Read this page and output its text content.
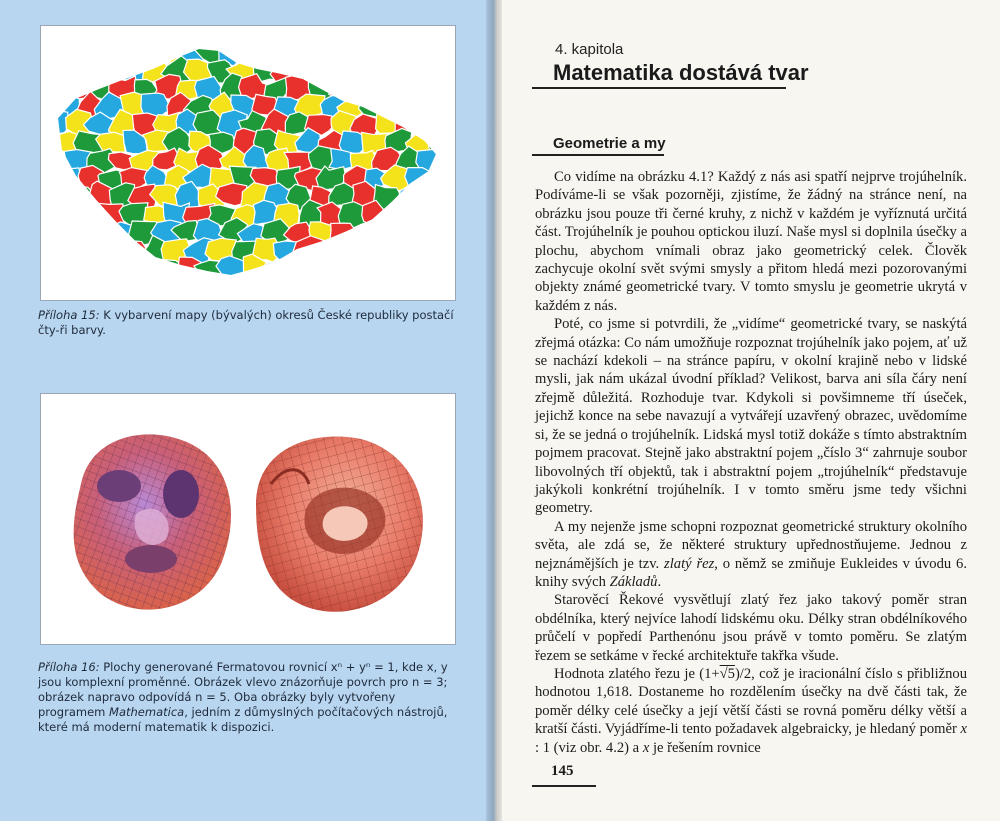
Příloha 15: K vybarvení mapy (bývalých) okresů České republiky postačí čty-ři barvy.
Příloha 16: Plochy generované Fermatovou rovnicí xⁿ + yⁿ = 1, kde x, y jsou komplexní proměnné. Obrázek vlevo znázorňuje povrch pro n = 3; obrázek napravo odpovídá n = 5. Oba obrázky byly vytvořeny programem Mathematica, jedním z důmyslných počítačových nástrojů, které má moderní matematik k dispozici.
4. kapitola
Matematika dostává tvar
Geometrie a my

Co vidíme na obrázku 4.1? Každý z nás asi spatří nejprve trojúhelník. Podíváme-li se však pozorněji, zjistíme, že žádný na stránce není, na obrázku jsou pouze tři černé kruhy, z nichž v každém je vyříznutá určitá část. Trojúhelník je pouhou optickou iluzí. Naše mysl si doplnila úsečky a plochu, abychom vnímali obraz jako geometrický celek. Člověk zachycuje okolní svět svými smysly a přitom hledá mezi pozorovanými objekty známé geometrické tvary. V tomto smyslu je geometrie ukrytá v každém z nás.

Poté, co jsme si potvrdili, že „vidíme“ geometrické tvary, se naskýtá zřejmá otázka: Co nám umožňuje rozpoznat trojúhelník jako pojem, ať už se nachází kdekoli – na stránce papíru, v okolní krajině nebo v lidské mysli, jak nám ukázal úvodní příklad? Velikost, barva ani síla čáry není zřejmě důležitá. Rozhoduje tvar. Kdykoli si povšimneme tří úseček, jejichž konce na sebe navazují a vytvářejí uzavřený obrazec, uvědomíme si, že se jedná o trojúhelník. Lidská mysl totiž dokáže s tímto abstraktním pojmem pracovat. Stejně jako abstraktní pojem „číslo 3“ zahrnuje soubor libovolných tří objektů, tak i abstraktní pojem „trojúhelník“ představuje jakýkoli konkrétní trojúhelník. I v tomto směru jsme tedy všichni geometry.

A my nejenže jsme schopni rozpoznat geometrické struktury okolního světa, ale zdá se, že některé struktury upřednostňujeme. Jednou z nejznámějších je tzv. zlatý řez, o němž se zmiňuje Eukleides v úvodu 6. knihy svých Základů.

Starověcí Řekové vysvětlují zlatý řez jako takový poměr stran obdélníka, který nejvíce lahodí lidskému oku. Délky stran obdélníkového průčelí v popředí Parthenónu jsou právě v tomto poměru. Se zlatým řezem se setkáme v řecké architektuře takřka všude.

Hodnota zlatého řezu je (1+√5)/2, což je iracionální číslo s přibližnou hodnotou 1,618. Dostaneme ho rozdělením úsečky na dvě části tak, že poměr délky celé úsečky a její větší části se rovná poměru délky větší a kratší části. Vyjádříme-li tento požadavek algebraicky, je hledaný poměr x : 1 (viz obr. 4.2) a x je řešením rovnice

145
